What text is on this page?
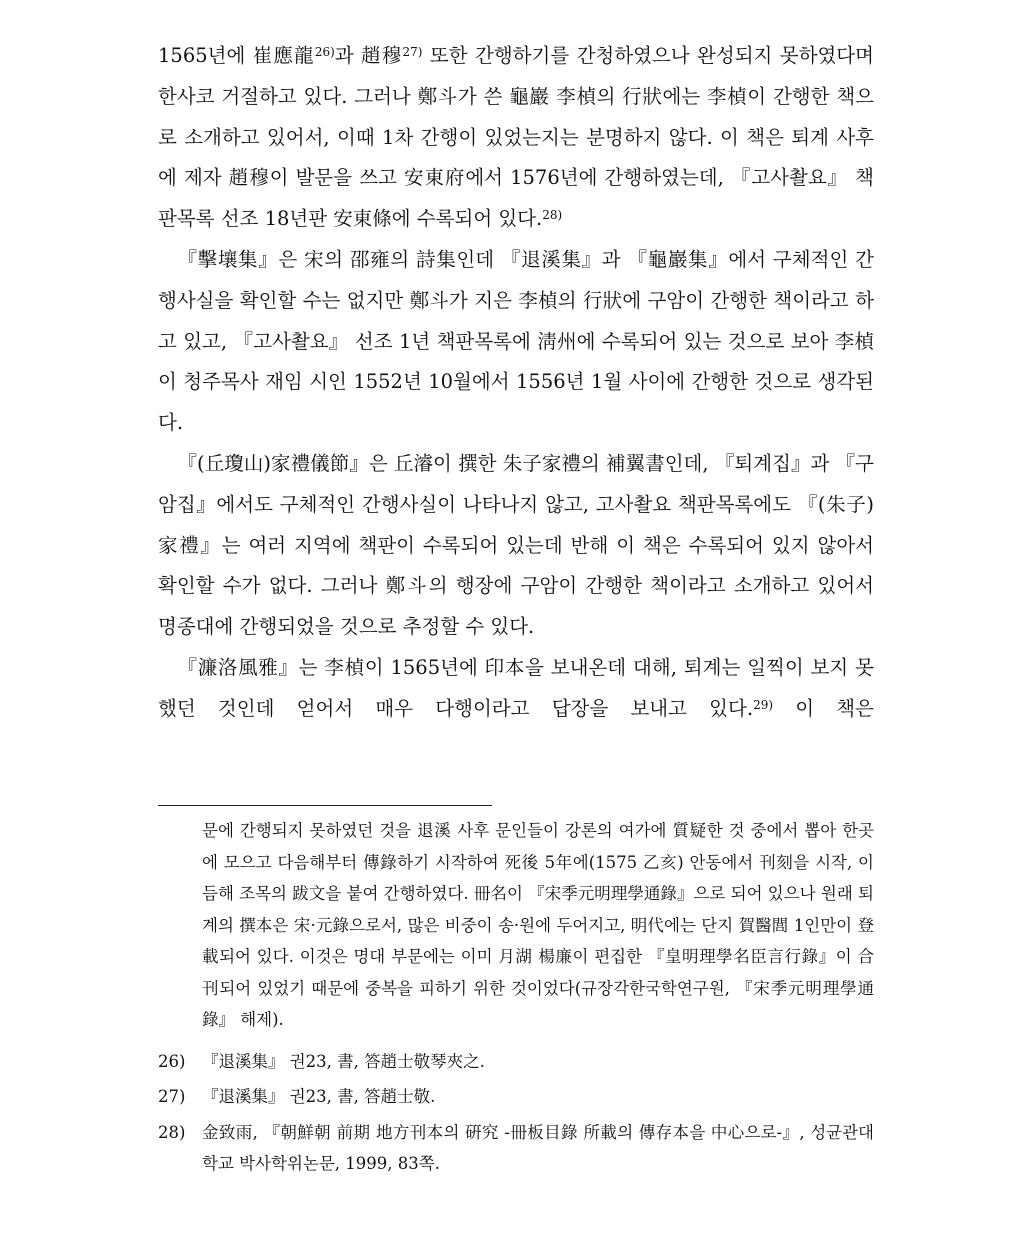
1565년에 崔應龍$^{26)}$과 趙穆$^{27)}$ 또한 간행하기를 간청하였으나 완성되지 못하였다며 한사코 거절하고 있다. 그러나 鄭斗가 쓴 龜巖 李楨의 行狀에는 李楨이 간행한 책으로 소개하고 있어서, 이때 1차 간행이 있었는지는 분명하지 않다. 이 책은 퇴계 사후에 제자 趙穆이 발문을 쓰고 安東府에서 1576년에 간행하였는데, 『고사촬요』 책판목록 선조 18년판 安東條에 수록되어 있다.$^{28)}$

『擊壤集』은 宋의 邵雍의 詩集인데 『退溪集』과 『龜巖集』에서 구체적인 간행사실을 확인할 수는 없지만 鄭斗가 지은 李楨의 行狀에 구암이 간행한 책이라고 하고 있고, 『고사촬요』 선조 1년 책판목록에 淸州에 수록되어 있는 것으로 보아 李楨이 청주목사 재임 시인 1552년 10월에서 1556년 1월 사이에 간행한 것으로 생각된다.

『(丘瓊山)家禮儀節』은 丘濬이 撰한 朱子家禮의 補翼書인데, 『퇴계집』과 『구암집』에서도 구체적인 간행사실이 나타나지 않고, 고사촬요 책판목록에도 『(朱子)家禮』는 여러 지역에 책판이 수록되어 있는데 반해 이 책은 수록되어 있지 않아서 확인할 수가 없다. 그러나 鄭斗의 행장에 구암이 간행한 책이라고 소개하고 있어서 명종대에 간행되었을 것으로 추정할 수 있다.

『濂洛風雅』는 李楨이 1565년에 印本을 보내온데 대해, 퇴계는 일찍이 보지 못했던 것인데 얻어서 매우 다행이라고 답장을 보내고 있다.$^{29)}$ 이 책은

문에 간행되지 못하였던 것을 退溪 사후 문인들이 강론의 여가에 質疑한 것 중에서 뽑아 한곳에 모으고 다음해부터 傳錄하기 시작하여 死後 5年에(1575 乙亥) 안동에서 刊刻을 시작, 이듬해 조목의 跋文을 붙여 간행하였다. 冊名이 『宋季元明理學通錄』으로 되어 있으나 원래 퇴계의 撰本은 宋·元錄으로서, 많은 비중이 송·원에 두어지고, 明代에는 단지 賀醫閭 1인만이 登載되어 있다. 이것은 명대 부문에는 이미 月湖 楊廉이 편집한 『皇明理學名臣言行錄』이 合刊되어 있었기 때문에 중복을 피하기 위한 것이었다(규장각한국학연구원, 『宋季元明理學通錄』 해제).

26)	『退溪集』 권23, 書, 答趙士敬琴夾之.
27)	『退溪集』 권23, 書, 答趙士敬.
28)	金致雨, 『朝鮮朝 前期 地方刊本의 硏究 -冊板目錄 所載의 傳存本을 中心으로-』, 성균관대학교 박사학위논문, 1999, 83쪽.
